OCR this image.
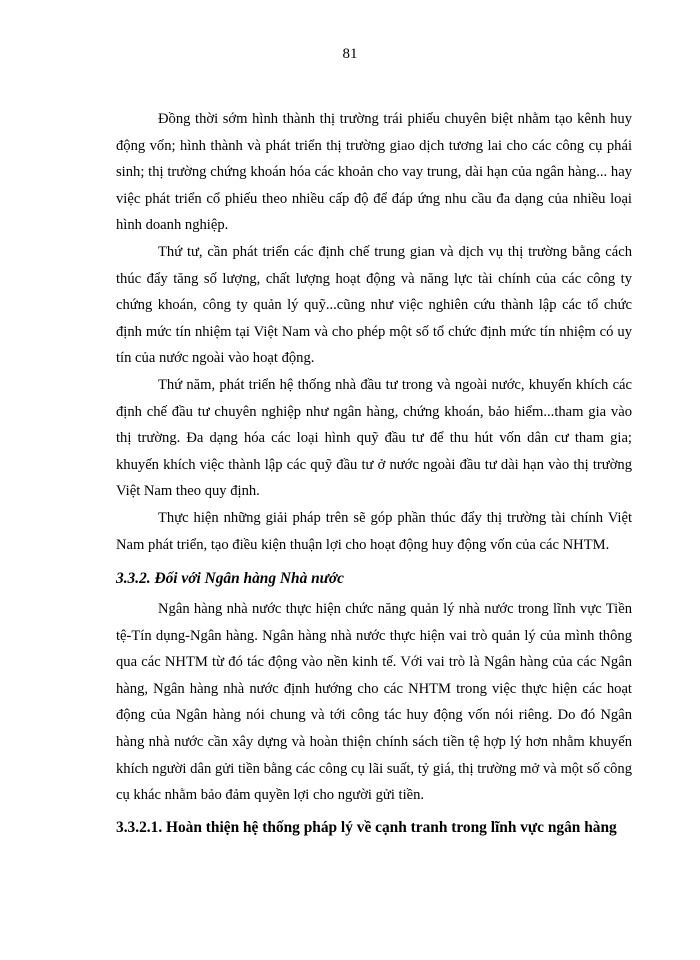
81

Đồng thời sớm hình thành thị trường trái phiếu chuyên biệt nhằm tạo kênh huy động vốn; hình thành và phát triển thị trường giao dịch tương lai cho các công cụ phái sinh; thị trường chứng khoán hóa các khoản cho vay trung, dài hạn của ngân hàng... hay việc phát triển cổ phiếu theo nhiều cấp độ để đáp ứng nhu cầu đa dạng của nhiều loại hình doanh nghiệp.

Thứ tư, cần phát triển các định chế trung gian và dịch vụ thị trường bằng cách thúc đẩy tăng số lượng, chất lượng hoạt động và năng lực tài chính của các công ty chứng khoán, công ty quản lý quỹ...cũng như việc nghiên cứu thành lập các tổ chức định mức tín nhiệm tại Việt Nam và cho phép một số tổ chức định mức tín nhiệm có uy tín của nước ngoài vào hoạt động.

Thứ năm, phát triển hệ thống nhà đầu tư trong và ngoài nước, khuyến khích các định chế đầu tư chuyên nghiệp như ngân hàng, chứng khoán, bảo hiểm...tham gia vào thị trường. Đa dạng hóa các loại hình quỹ đầu tư để thu hút vốn dân cư tham gia; khuyến khích việc thành lập các quỹ đầu tư ở nước ngoài đầu tư dài hạn vào thị trường Việt Nam theo quy định.

Thực hiện những giải pháp trên sẽ góp phần thúc đẩy thị trường tài chính Việt Nam phát triển, tạo điều kiện thuận lợi cho hoạt động huy động vốn của các NHTM.

3.3.2. Đối với Ngân hàng Nhà nước

Ngân hàng nhà nước thực hiện chức năng quản lý nhà nước trong lĩnh vực Tiền tệ-Tín dụng-Ngân hàng. Ngân hàng nhà nước thực hiện vai trò quản lý của mình thông qua các NHTM từ đó tác động vào nền kinh tế. Với vai trò là Ngân hàng của các Ngân hàng, Ngân hàng nhà nước định hướng cho các NHTM trong việc thực hiện các hoạt động của Ngân hàng nói chung và tới công tác huy động vốn nói riêng. Do đó Ngân hàng nhà nước cần xây dựng và hoàn thiện chính sách tiền tệ hợp lý hơn nhằm khuyến khích người dân gửi tiền bằng các công cụ lãi suất, tỷ giá, thị trường mở và một số công cụ khác nhằm bảo đảm quyền lợi cho người gửi tiền.

3.3.2.1. Hoàn thiện hệ thống pháp lý về cạnh tranh trong lĩnh vực ngân hàng
